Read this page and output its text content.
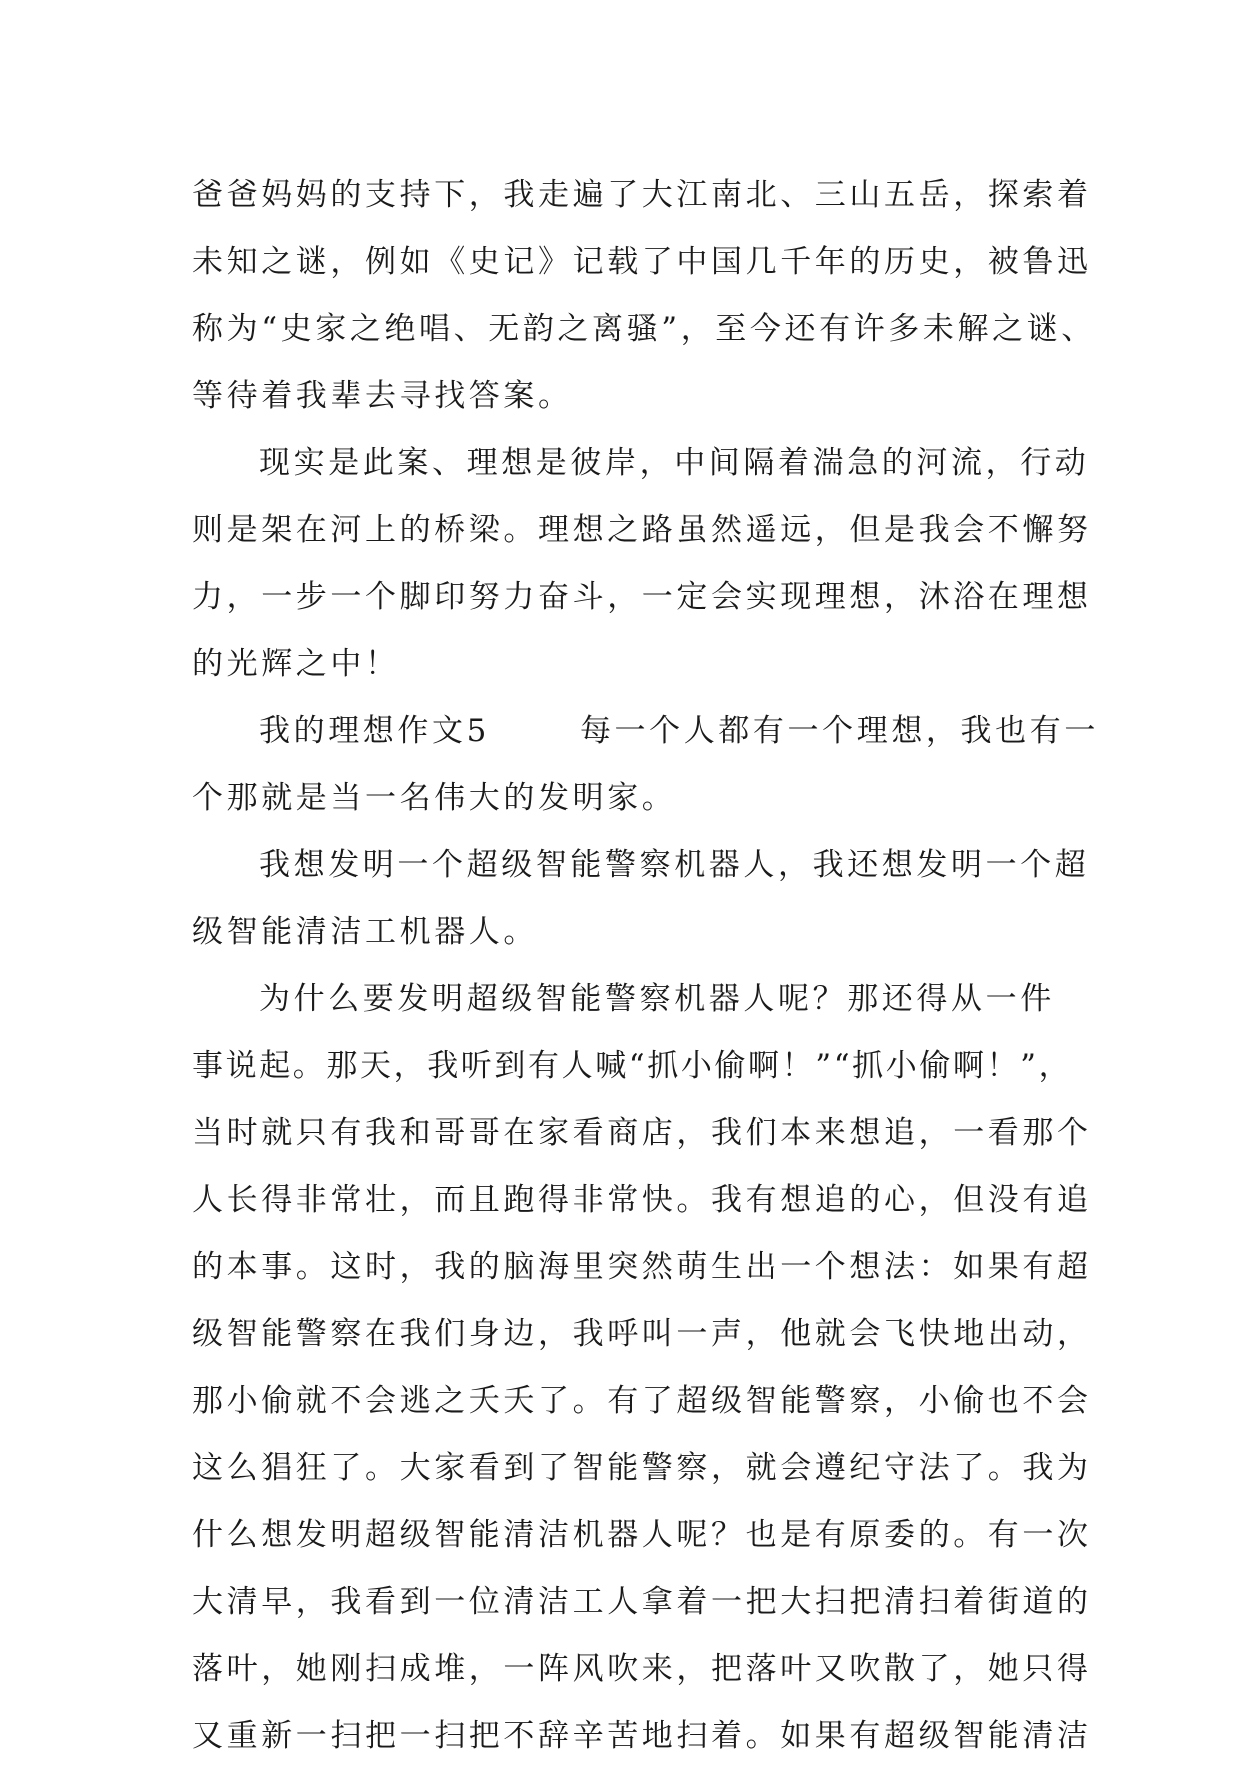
爸爸妈妈的支持下，我走遍了大江南北、三山五岳，探索着
未知之谜，例如《史记》记载了中国几千年的历史，被鲁迅
称为“史家之绝唱、无韵之离骚”，至今还有许多未解之谜、
等待着我辈去寻找答案。
现实是此案、理想是彼岸，中间隔着湍急的河流，行动
则是架在河上的桥梁。理想之路虽然遥远，但是我会不懈努
力，一步一个脚印努力奋斗，一定会实现理想，沐浴在理想
的光辉之中！
我的理想作文5	每一个人都有一个理想，我也有一
个那就是当一名伟大的发明家。
我想发明一个超级智能警察机器人，我还想发明一个超
级智能清洁工机器人。
为什么要发明超级智能警察机器人呢？那还得从一件
事说起。那天，我听到有人喊“抓小偷啊！”“抓小偷啊！”，
当时就只有我和哥哥在家看商店，我们本来想追，一看那个
人长得非常壮，而且跑得非常快。我有想追的心，但没有追
的本事。这时，我的脑海里突然萌生出一个想法：如果有超
级智能警察在我们身边，我呼叫一声，他就会飞快地出动，
那小偷就不会逃之夭夭了。有了超级智能警察，小偷也不会
这么猖狂了。大家看到了智能警察，就会遵纪守法了。我为
什么想发明超级智能清洁机器人呢？也是有原委的。有一次
大清早，我看到一位清洁工人拿着一把大扫把清扫着街道的
落叶，她刚扫成堆，一阵风吹来，把落叶又吹散了，她只得
又重新一扫把一扫把不辞辛苦地扫着。如果有超级智能清洁
